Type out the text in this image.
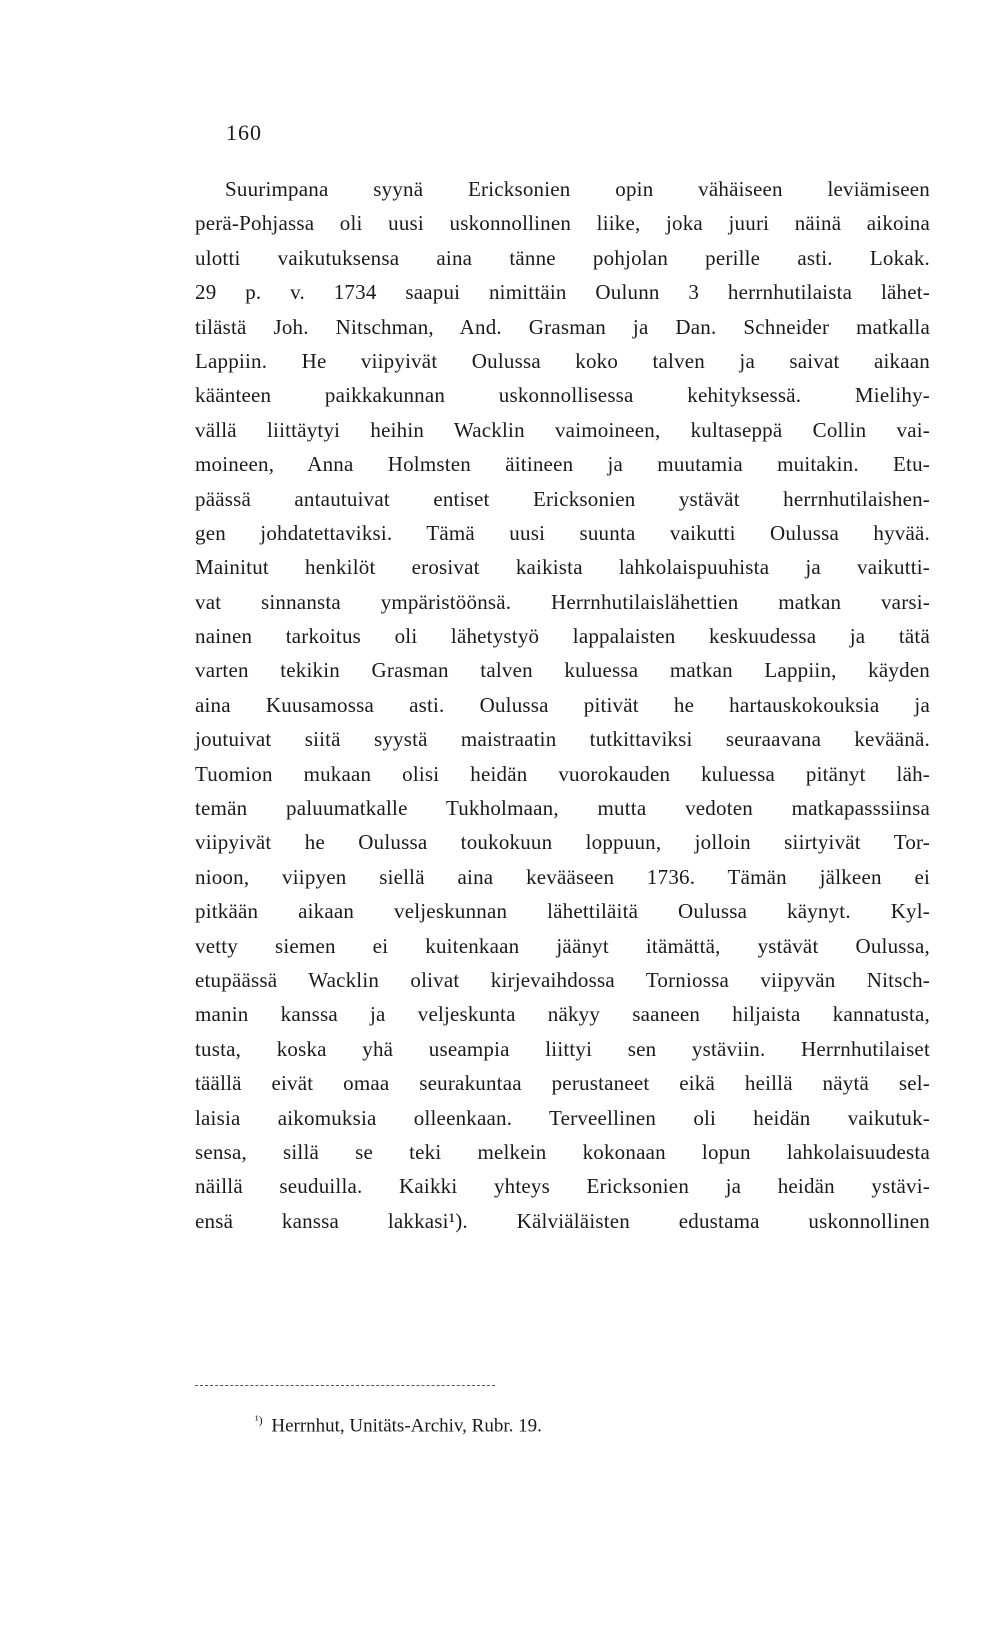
160
Suurimpana syynä Ericksonien opin vähäiseen leviämiseen
perä-Pohjassa oli uusi uskonnollinen liike, joka juuri näinä aikoina
ulotti vaikutuksensa aina tänne pohjolan perille asti. Lokak.
29 p. v. 1734 saapui nimittäin Oulunn 3 herrnhutilaista lähet-
tilästä Joh. Nitschman, And. Grasman ja Dan. Schneider matkalla
Lappiin. He viipyivät Oulussa koko talven ja saivat aikaan
käänteen paikkakunnan uskonnollisessa kehityksessä. Mielihy-
vällä liittäytyi heihin Wacklin vaimoineen, kultaseppä Collin vai-
moineen, Anna Holmsten äitineen ja muutamia muitakin. Etu-
päässä antautuivat entiset Ericksonien ystävät herrnhutilaishen-
gen johdatettaviksi. Tämä uusi suunta vaikutti Oulussa hyvää.
Mainitut henkilöt erosivat kaikista lahkolaispuuhista ja vaikutti-
vat sinnansta ympäristöönsä. Herrnhutilaislähettien matkan varsi-
nainen tarkoitus oli lähetystyö lappalaisten keskuudessa ja tätä
varten tekikin Grasman talven kuluessa matkan Lappiin, käyden
aina Kuusamossa asti. Oulussa pitivät he hartauskokouksia ja
joutuivat siitä syystä maistraatin tutkittaviksi seuraavana keväänä.
Tuomion mukaan olisi heidän vuorokauden kuluessa pitänyt läh-
temän paluumatkalle Tukholmaan, mutta vedoten matkapasssiinsa
viipyivät he Oulussa toukokuun loppuun, jolloin siirtyivät Tor-
nioon, viipyen siellä aina kevääseen 1736. Tämän jälkeen ei
pitkään aikaan veljeskunnan lähettiläitä Oulussa käynyt. Kyl-
vetty siemen ei kuitenkaan jäänyt itämättä, ystävät Oulussa,
etupäässä Wacklin olivat kirjevaihdossa Torniossa viipyvän Nitsch-
manin kanssa ja veljeskunta näkyy saaneen hiljaista kannatusta,
tusta, koska yhä useampia liittyi sen ystäviin. Herrnhutilaiset
täällä eivät omaa seurakuntaa perustaneet eikä heillä näytä sel-
laisia aikomuksia olleenkaan. Terveellinen oli heidän vaikutuk-
sensa, sillä se teki melkein kokonaan lopun lahkolaisuudesta
näillä seuduilla. Kaikki yhteys Ericksonien ja heidän ystävi-
ensä kanssa lakkasi¹). Kälviäläisten edustama uskonnollinen
$^{^1)}$ Herrnhut, Unitäts-Archiv, Rubr. 19.
